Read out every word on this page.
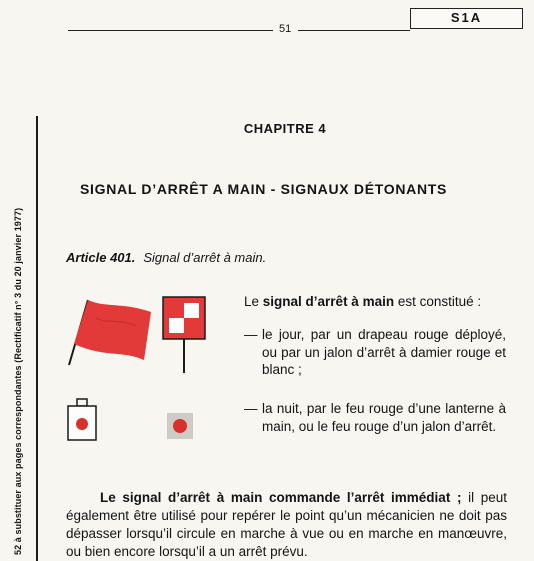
51
S1A
52 à substituer aux pages correspondantes (Rectificatif n° 3 du 20 janvier 1977)
CHAPITRE 4
SIGNAL D’ARRÊT A MAIN - SIGNAUX DÉTONANTS
Article 401. Signal d’arrêt à main.
Le signal d’arrêt à main est constitué :
— le jour, par un drapeau rouge déployé, ou par un jalon d’arrêt à damier rouge et blanc ;
— la nuit, par le feu rouge d’une lanterne à main, ou le feu rouge d’un jalon d’arrêt.
Le signal d’arrêt à main commande l’arrêt immédiat ; il peut également être utilisé pour repérer le point qu’un mécanicien ne doit pas dépasser lorsqu’il circule en marche à vue ou en marche en manœuvre, ou bien encore lorsqu’il a un arrêt prévu.
